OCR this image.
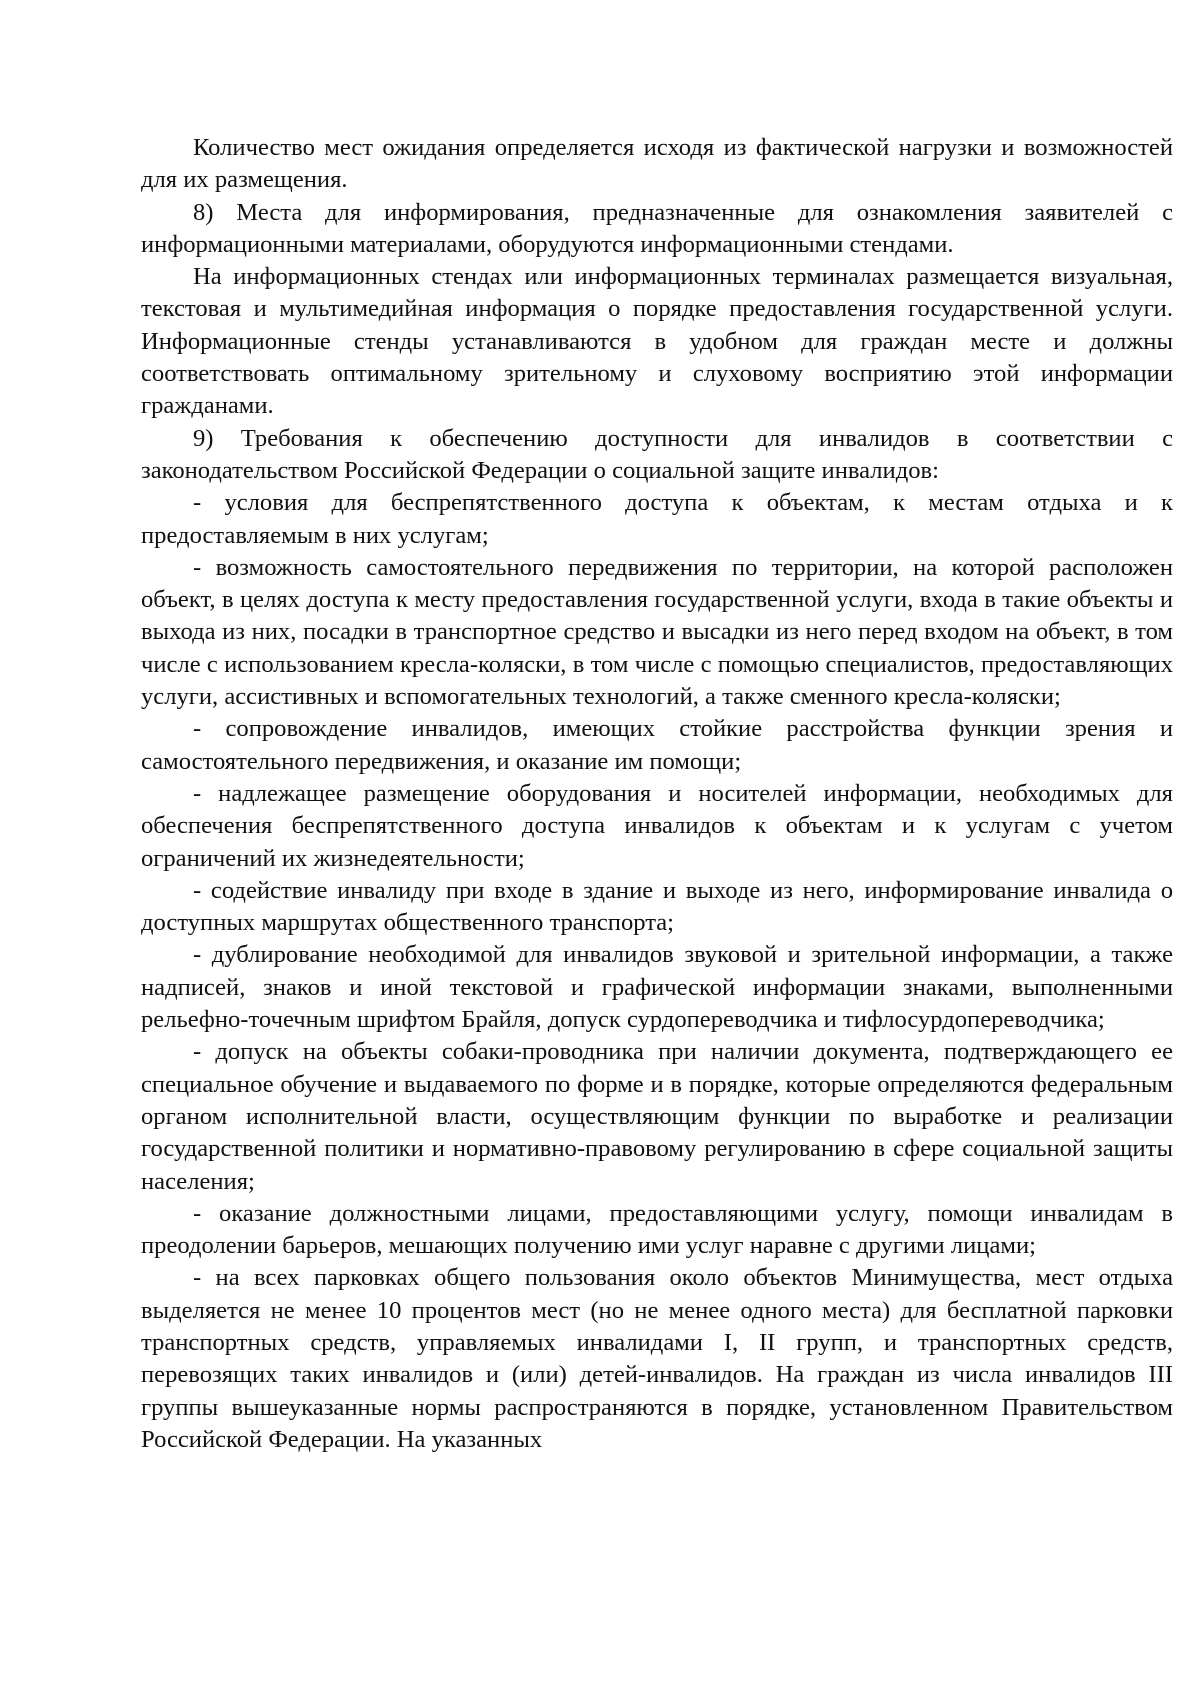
Количество мест ожидания определяется исходя из фактической нагрузки и возможностей для их размещения.

8) Места для информирования, предназначенные для ознакомления заявителей с информационными материалами, оборудуются информационными стендами.

На информационных стендах или информационных терминалах размещается визуальная, текстовая и мультимедийная информация о порядке предоставления государственной услуги. Информационные стенды устанавливаются в удобном для граждан месте и должны соответствовать оптимальному зрительному и слуховому восприятию этой информации гражданами.

9) Требования к обеспечению доступности для инвалидов в соответствии с законодательством Российской Федерации о социальной защите инвалидов:

- условия для беспрепятственного доступа к объектам, к местам отдыха и к предоставляемым в них услугам;

- возможность самостоятельного передвижения по территории, на которой расположен объект, в целях доступа к месту предоставления государственной услуги, входа в такие объекты и выхода из них, посадки в транспортное средство и высадки из него перед входом на объект, в том числе с использованием кресла-коляски, в том числе с помощью специалистов, предоставляющих услуги, ассистивных и вспомогательных технологий, а также сменного кресла-коляски;

- сопровождение инвалидов, имеющих стойкие расстройства функции зрения и самостоятельного передвижения, и оказание им помощи;

- надлежащее размещение оборудования и носителей информации, необходимых для обеспечения беспрепятственного доступа инвалидов к объектам и к услугам с учетом ограничений их жизнедеятельности;

- содействие инвалиду при входе в здание и выходе из него, информирование инвалида о доступных маршрутах общественного транспорта;

- дублирование необходимой для инвалидов звуковой и зрительной информации, а также надписей, знаков и иной текстовой и графической информации знаками, выполненными рельефно-точечным шрифтом Брайля, допуск сурдопереводчика и тифлосурдопереводчика;

- допуск на объекты собаки-проводника при наличии документа, подтверждающего ее специальное обучение и выдаваемого по форме и в порядке, которые определяются федеральным органом исполнительной власти, осуществляющим функции по выработке и реализации государственной политики и нормативно-правовому регулированию в сфере социальной защиты населения;

- оказание должностными лицами, предоставляющими услугу, помощи инвалидам в преодолении барьеров, мешающих получению ими услуг наравне с другими лицами;

- на всех парковках общего пользования около объектов Минимущества, мест отдыха выделяется не менее 10 процентов мест (но не менее одного места) для бесплатной парковки транспортных средств, управляемых инвалидами I, II групп, и транспортных средств, перевозящих таких инвалидов и (или) детей-инвалидов. На граждан из числа инвалидов III группы вышеуказанные нормы распространяются в порядке, установленном Правительством Российской Федерации. На указанных
